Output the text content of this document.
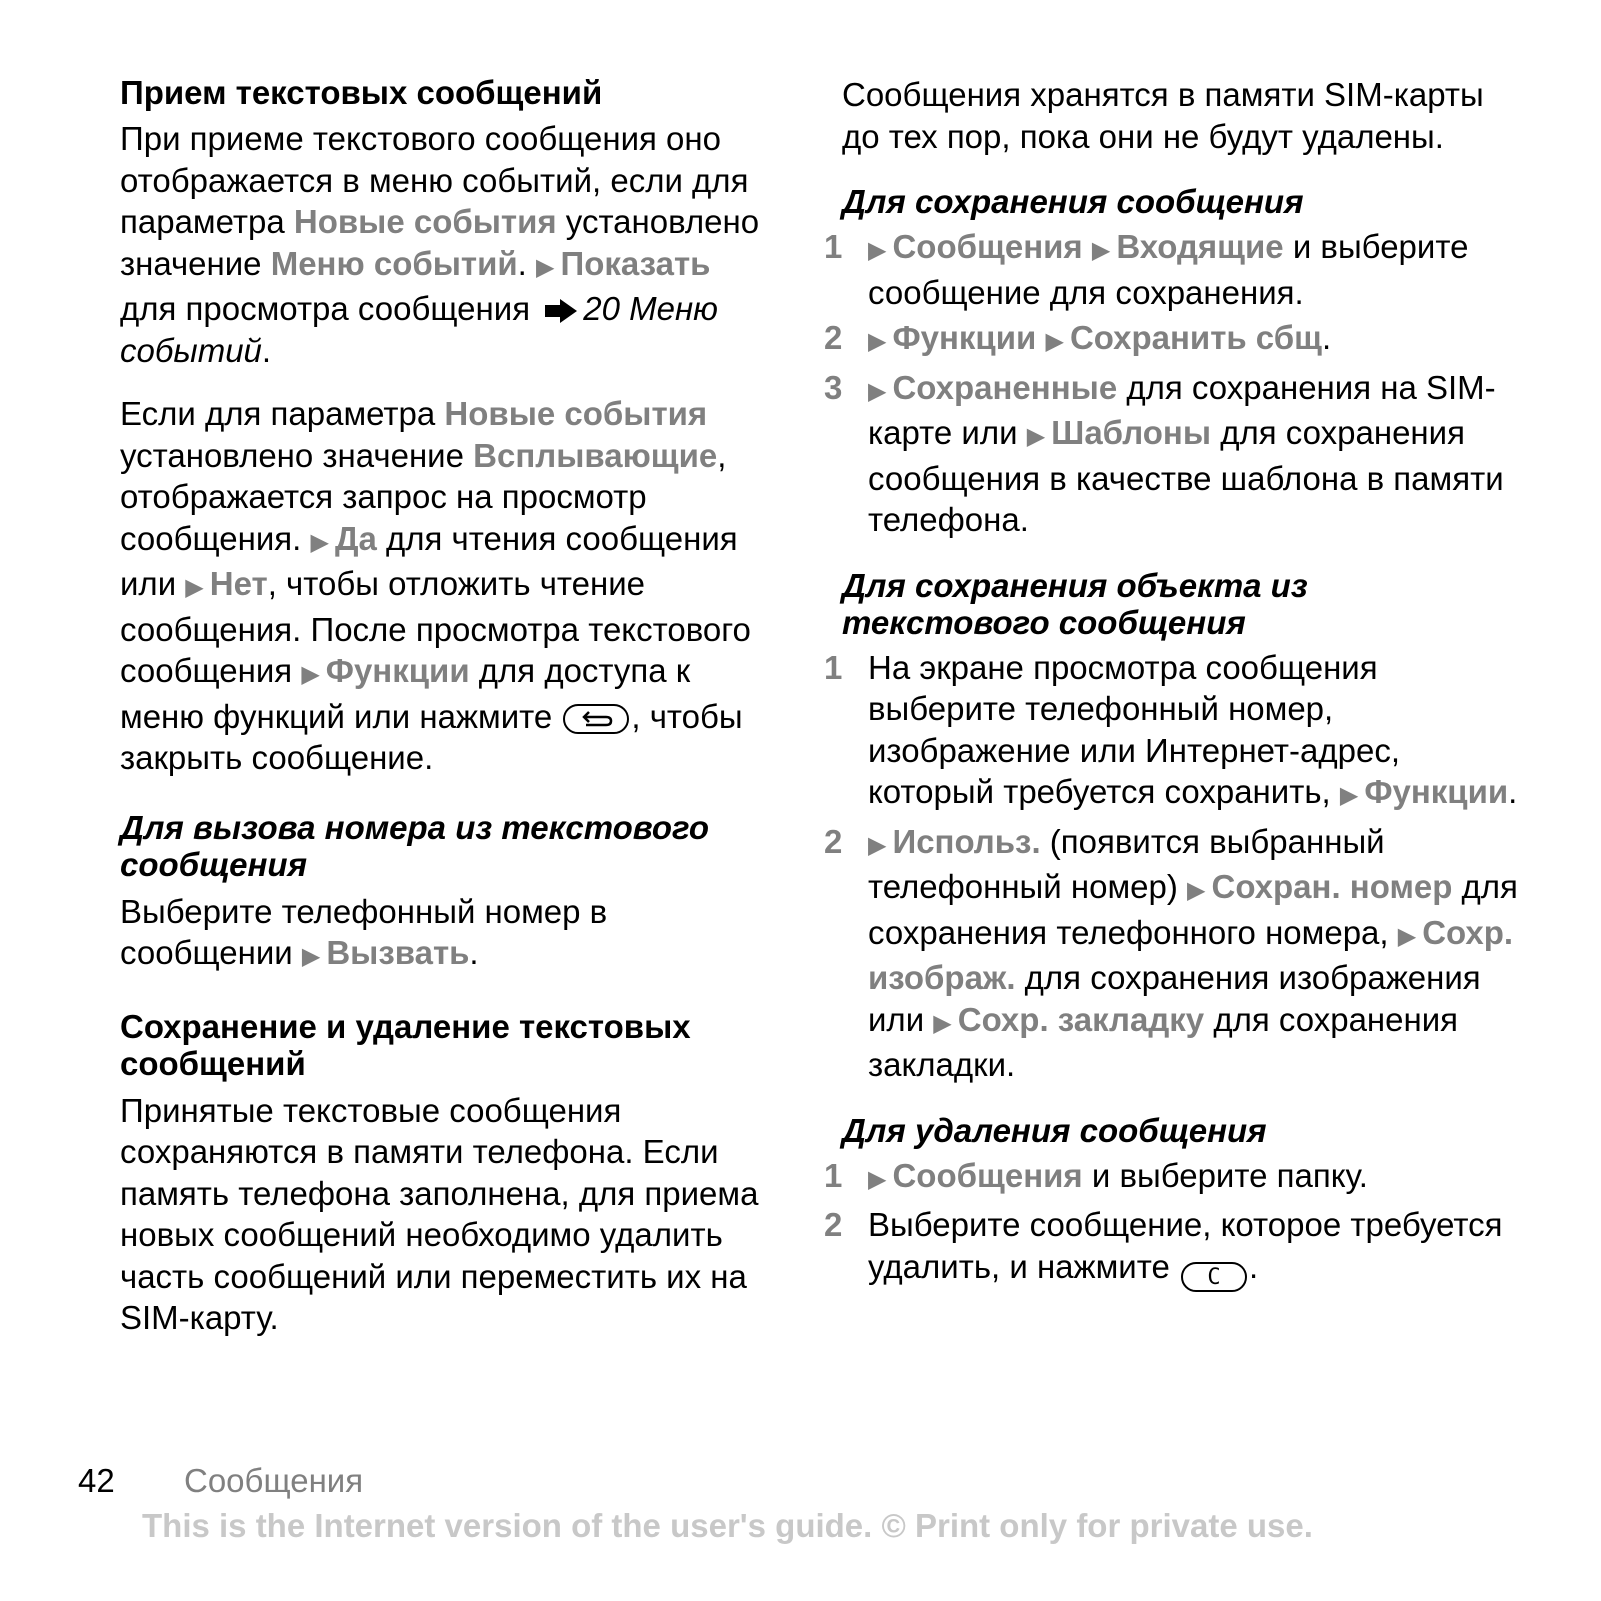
Прием текстовых сообщений

При приеме текстового сообщения оно отображается в меню событий, если для параметра Новые события установлено значение Меню событий. ▶ Показать для просмотра сообщения 20 Меню событий.

Если для параметра Новые события установлено значение Всплывающие, отображается запрос на просмотр сообщения. ▶ Да для чтения сообщения или ▶ Нет, чтобы отложить чтение сообщения. После просмотра текстового сообщения ▶ Функции для доступа к меню функций или нажмите
, чтобы закрыть сообщение.

Для вызова номера из текстового сообщения

Выберите телефонный номер в сообщении ▶ Вызвать.

Сохранение и удаление текстовых сообщений

Принятые текстовые сообщения сохраняются в памяти телефона. Если память телефона заполнена, для приема новых сообщений необходимо удалить часть сообщений или переместить их на SIM-карту.

Сообщения хранятся в памяти SIM-карты до тех пор, пока они не будут удалены.

Для сохранения сообщения
1	▶ Сообщения ▶ Входящие и выберите сообщение для сохранения.
2	▶ Функции ▶ Сохранить сбщ.
3	▶ Сохраненные для сохранения на SIM-карте или ▶ Шаблоны для сохранения сообщения в качестве шаблона в памяти телефона.
Для сохранения объекта из текстового сообщения
1 На экране просмотра сообщения выберите телефонный номер, изображение или Интернет-адрес, который требуется сохранить, ▶ Функции.
2	▶ Использ. (появится выбранный телефонный номер) ▶ Сохран. номер для сохранения телефонного номера, ▶ Сохр. изображ. для сохранения изображения или ▶ Сохр. закладку для сохранения закладки.
Для удаления сообщения
1	▶ Сообщения и выберите папку.
2 Выберите сообщение, которое требуется удалить, и нажмите C .
42 Сообщения
This is the Internet version of the user's guide. © Print only for private use.
